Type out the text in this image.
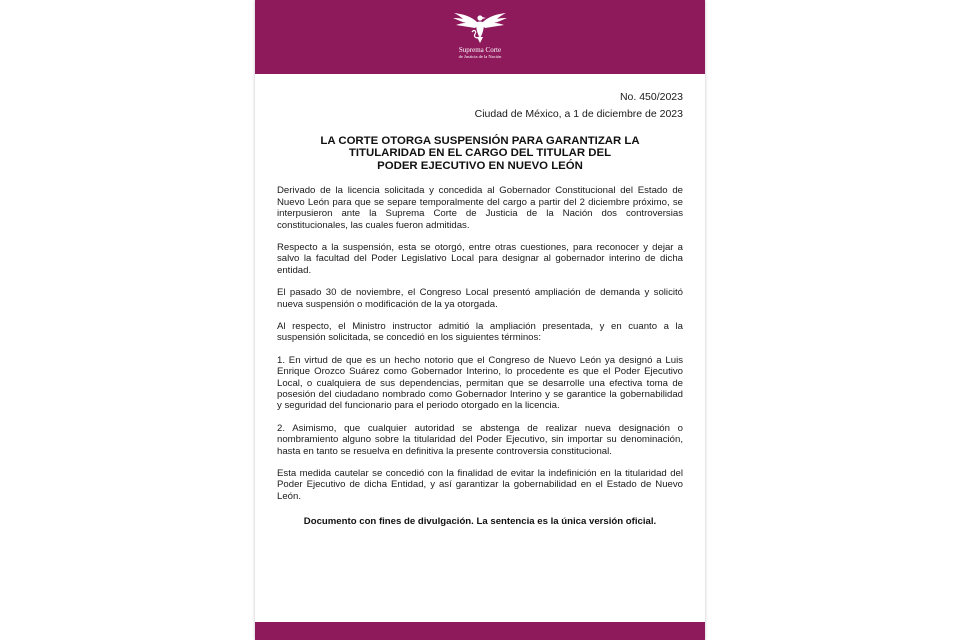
Suprema Corte
de Justicia de la Nación
No. 450/2023
Ciudad de México, a 1 de diciembre de 2023
LA CORTE OTORGA SUSPENSIÓN PARA GARANTIZAR LA
TITULARIDAD EN EL CARGO DEL TITULAR DEL
PODER EJECUTIVO EN NUEVO LEÓN

Derivado de la licencia solicitada y concedida al Gobernador Constitucional del Estado de Nuevo León para que se separe temporalmente del cargo a partir del 2 diciembre próximo, se interpusieron ante la Suprema Corte de Justicia de la Nación dos controversias constitucionales, las cuales fueron admitidas.

Respecto a la suspensión, esta se otorgó, entre otras cuestiones, para reconocer y dejar a salvo la facultad del Poder Legislativo Local para designar al gobernador interino de dicha entidad.

El pasado 30 de noviembre, el Congreso Local presentó ampliación de demanda y solicitó nueva suspensión o modificación de la ya otorgada.

Al respecto, el Ministro instructor admitió la ampliación presentada, y en cuanto a la suspensión solicitada, se concedió en los siguientes términos:

1. En virtud de que es un hecho notorio que el Congreso de Nuevo León ya designó a Luis Enrique Orozco Suárez como Gobernador Interino, lo procedente es que el Poder Ejecutivo Local, o cualquiera de sus dependencias, permitan que se desarrolle una efectiva toma de posesión del ciudadano nombrado como Gobernador Interino y se garantice la gobernabilidad y seguridad del funcionario para el periodo otorgado en la licencia.

2. Asimismo, que cualquier autoridad se abstenga de realizar nueva designación o nombramiento alguno sobre la titularidad del Poder Ejecutivo, sin importar su denominación, hasta en tanto se resuelva en definitiva la presente controversia constitucional.

Esta medida cautelar se concedió con la finalidad de evitar la indefinición en la titularidad del Poder Ejecutivo de dicha Entidad, y así garantizar la gobernabilidad en el Estado de Nuevo León.

Documento con fines de divulgación. La sentencia es la única versión oficial.
